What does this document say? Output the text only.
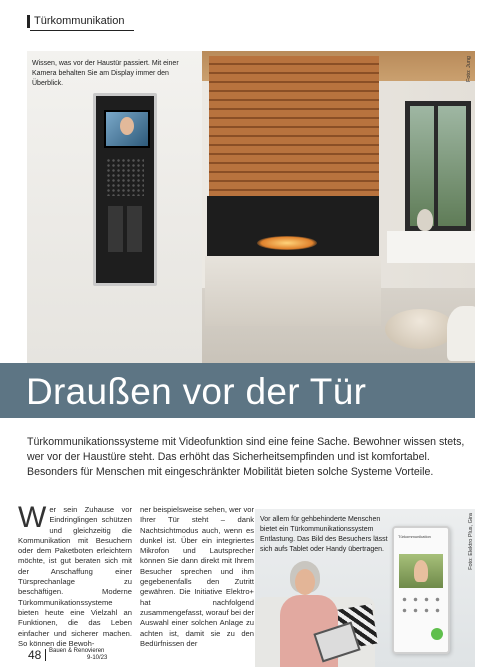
Türkommunikation
Wissen, was vor der Haustür passiert. Mit einer Kamera behalten Sie am Display immer den Überblick.
Foto: Jung
Draußen vor der Tür

Türkommunikationssysteme mit Videofunktion sind eine feine Sache. Bewohner wissen stets, wer vor der Haustüre steht. Das erhöht das Sicherheitsempfinden und ist komfortabel. Besonders für Menschen mit eingeschränkter Mobilität bieten solche Systeme Vorteile.

Wer sein Zuhause vor Eindringlingen schützen und gleichzeitig die Kommunikation mit Besuchern oder dem Paketboten erleichtern möchte, ist gut beraten sich mit der Anschaffung einer Türsprechanlage zu beschäftigen. Moderne Türkommunikationssysteme bieten heute eine Vielzahl an Funktionen, die das Leben einfacher und sicherer machen. So können die Bewoh-

ner beispielsweise sehen, wer vor Ihrer Tür steht – dank Nachtsichtmodus auch, wenn es dunkel ist. Über ein integriertes Mikrofon und Lautsprecher können Sie dann direkt mit Ihrem Besucher sprechen und ihm gegebenenfalls den Zutritt gewähren. Die Initiative Elektro+ hat nachfolgend zusammengefasst, worauf bei der Auswahl einer solchen Anlage zu achten ist, damit sie zu den Bedürfnissen der

Türkommunikation
Vor allem für gehbehinderte Menschen bietet ein Türkommunikationssystem Entlastung. Das Bild des Besuchers lässt sich aufs Tablet oder Handy übertragen.	Foto: Elektro Plus, Gira
48 Bauen & Renovieren
9-10/23
